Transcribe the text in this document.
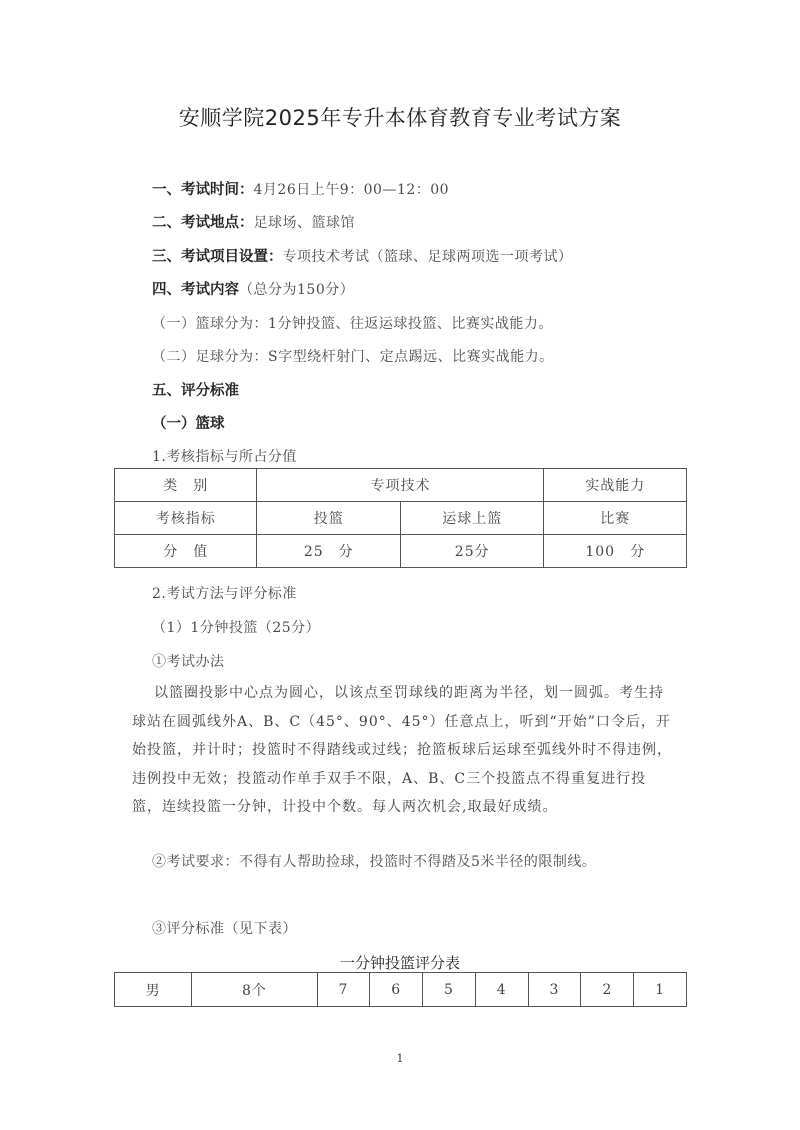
安顺学院2025年专升本体育教育专业考试方案
一、考试时间：4月26日上午9：00—12：00
二、考试地点：足球场、篮球馆
三、考试项目设置：专项技术考试（篮球、足球两项选一项考试）
四、考试内容（总分为150分）
（一）篮球分为：1分钟投篮、往返运球投篮、比赛实战能力。
（二）足球分为：S字型绕杆射门、定点踢远、比赛实战能力。
五、评分标准
（一）篮球
1.考核指标与所占分值
类　别	专项技术		实战能力
考核指标	投篮	运球上篮	比赛
分　值	25　分	25分	100　分
2.考试方法与评分标准
（1）1分钟投篮（25分）
①考试办法
以篮圈投影中心点为圆心，以该点至罚球线的距离为半径，划一圆弧。考生持球站在圆弧线外A、B、C（45°、90°、45°）任意点上，听到“开始”口令后，开始投篮，并计时；投篮时不得踏线或过线；抢篮板球后运球至弧线外时不得违例，违例投中无效；投篮动作单手双手不限，A、B、C三个投篮点不得重复进行投篮，连续投篮一分钟，计投中个数。每人两次机会,取最好成绩。
②考试要求：不得有人帮助捡球，投篮时不得踏及5米半径的限制线。
③评分标准（见下表）
一分钟投篮评分表
男	8个	7	6	5	4	3	2	1
1
